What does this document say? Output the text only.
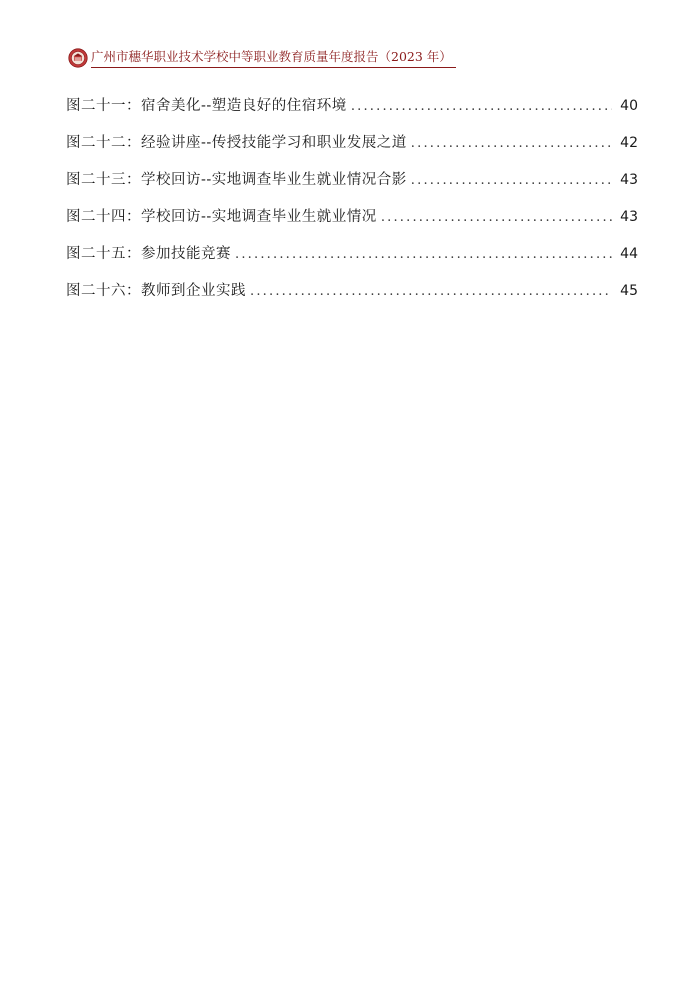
广州市穗华职业技术学校中等职业教育质量年度报告（2023 年）
图二十一：宿舍美化--塑造良好的住宿环境 .....	40
图二十二：经验讲座--传授技能学习和职业发展之道 .....	42
图二十三：学校回访--实地调查毕业生就业情况合影 .....	43
图二十四：学校回访--实地调查毕业生就业情况 .....	43
图二十五：参加技能竞赛 .....	44
图二十六：教师到企业实践 .....	45
